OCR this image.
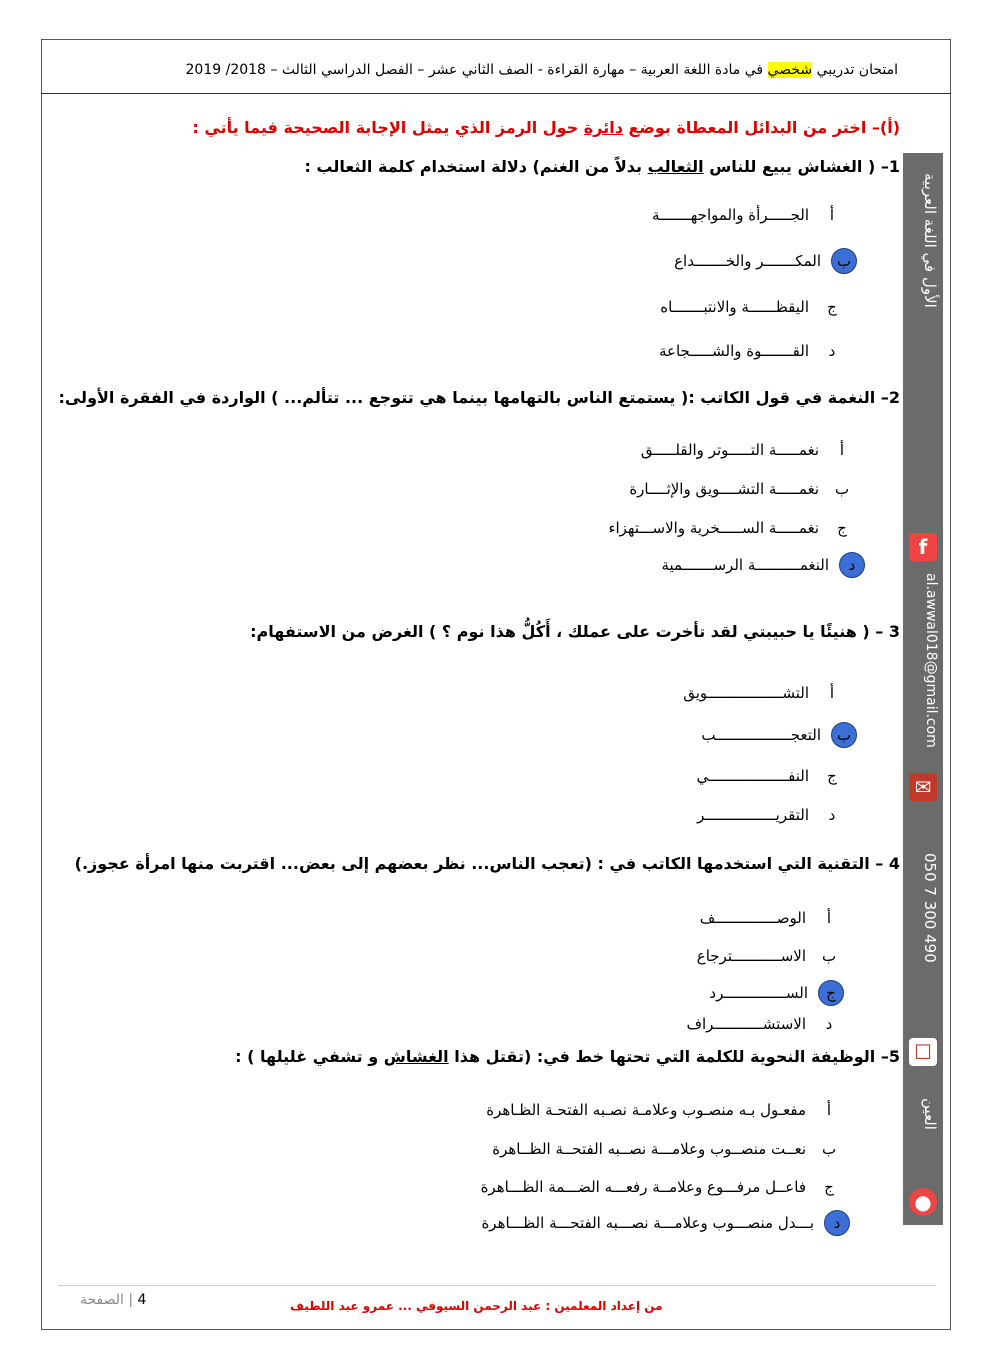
امتحان تدريبي شخصي في مادة اللغة العربية – مهارة القراءة - الصف الثاني عشر – الفصل الدراسي الثالث – 2018/ 2019
(أ)– اختر من البدائل المعطاة بوضع دائرة حول الرمز الذي يمثل الإجابة الصحيحة فيما يأتي :
1– ( الغشاش يبيع للناس الثعالب بدلاً من الغنم) دلالة استخدام كلمة الثعالب :
أالجـــــرأة والمواجهـــــــة
بالمكـــــــر والخـــــــداع
جاليقظــــــة والانتبـــــــاه
دالقـــــــوة والشـــــجاعة
2– النغمة في قول الكاتب :( يستمتع الناس بالتهامها بينما هي تتوجع ... تتألم... ) الواردة في الفقرة الأولى:
أنغمـــــة التـــــوتر والقلـــــق
بنغمـــــة التشــــويق والإثــــارة
جنغمـــــة الســـــخرية والاســـتهزاء
دالنغمــــــــــة الرســـــــمية
3 – ( هنيئًا يا حبيبتي لقد تأخرت على عملك ، أَكُلُّ هذا نوم ؟ ) الغرض من الاستفهام:
أالتشـــــــــــــــــويق
بالتعجـــــــــــــــــب
جالنفــــــــــــــــــي
دالتقريــــــــــــــــر
4 – التقنية التي استخدمها الكاتب في : (تعجب الناس... نظر بعضهم إلى بعض... اقتربت منها امرأة عجوز.)
أالوصــــــــــــــف
بالاســـــــــــترجاع
جالســــــــــــــرد
دالاستشـــــــــــراف
5– الوظيفة النحوية للكلمة التي تحتها خط في: (تقتل هذا الغشاش و تشفي غليلها ) :
أمفعـول بـه منصـوب وعلامـة نصـبه الفتحـة الظـاهرة
بنعــت منصــوب وعلامـــة نصــبه الفتحــة الظــاهرة
جفاعــل مرفـــوع وعلامــة رفعـــه الضـــمة الظـــاهرة
دبـــدل منصـــوب وعلامـــة نصـــبه الفتحـــة الظـــاهرة
الأول في اللغة العربية
f
al.awwal018@gmail.com
✉
050 7 300 490
☐
العين
●
4 | الصفحة	من إعداد المعلمين : عبد الرحمن السيوفي ... عمرو عبد اللطيف
